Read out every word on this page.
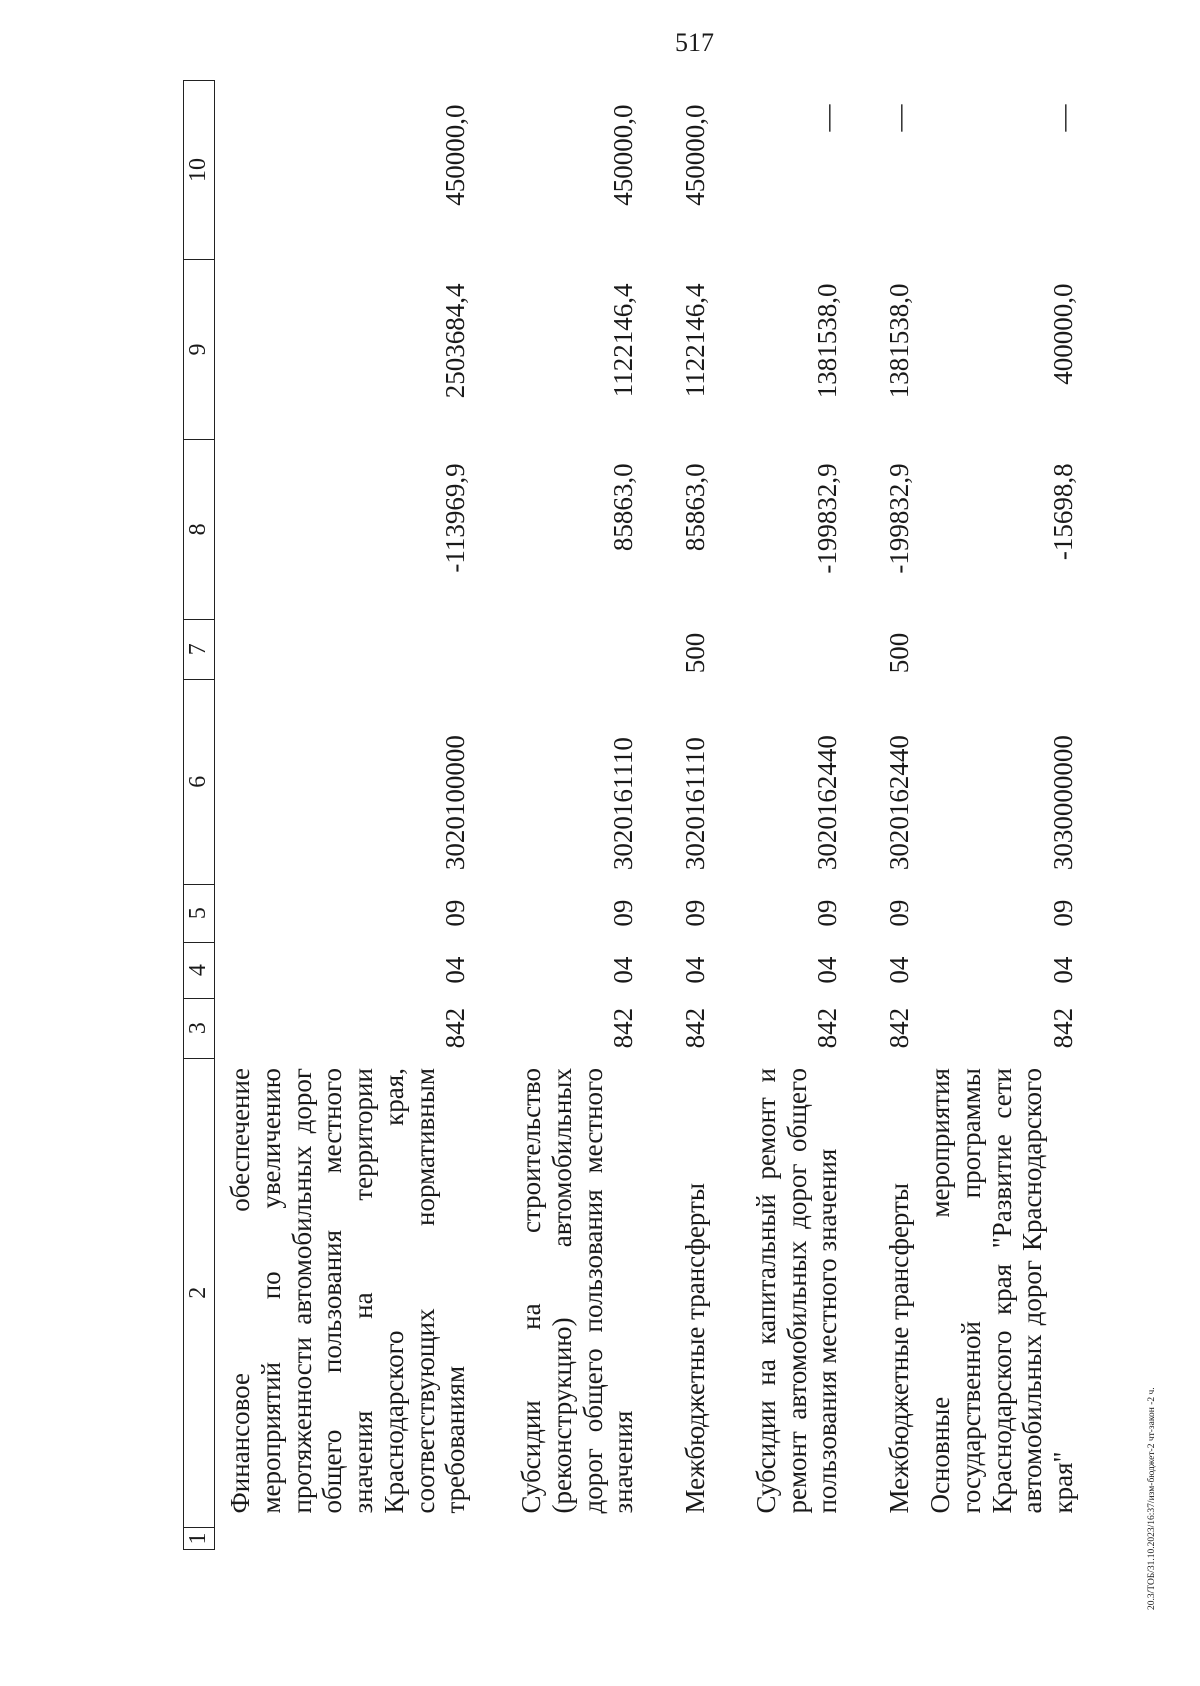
517
1	2	3	4	5	6	7	8	9	10
	Финансовое обеспечение мероприятий по увеличению протяженности автомобильных дорог общего пользования местного значения на территории Краснодарского края, соответствующих нормативным требованиям	842	04	09	3020100000		-113969,9	2503684,4	450000,0
	Субсидии на строительство (реконструкцию) автомобильных дорог общего пользования местного значения	842	04	09	3020161110		85863,0	1122146,4	450000,0
	Межбюджетные трансферты	842	04	09	3020161110	500	85863,0	1122146,4	450000,0
	Субсидии на капитальный ремонт и ремонт автомобильных дорог общего пользования местного значения	842	04	09	3020162440		-199832,9	1381538,0	—
	Межбюджетные трансферты	842	04	09	3020162440	500	-199832,9	1381538,0	—
	Основные мероприятия государственной программы Краснодарского края "Развитие сети автомобильных дорог Краснодарского края"	842	04	09	3030000000		-15698,8	400000,0	—
20.3/ТОБ/31.10.2023/16:37/изм-бюджет-2 чт-закон -2 ч.
